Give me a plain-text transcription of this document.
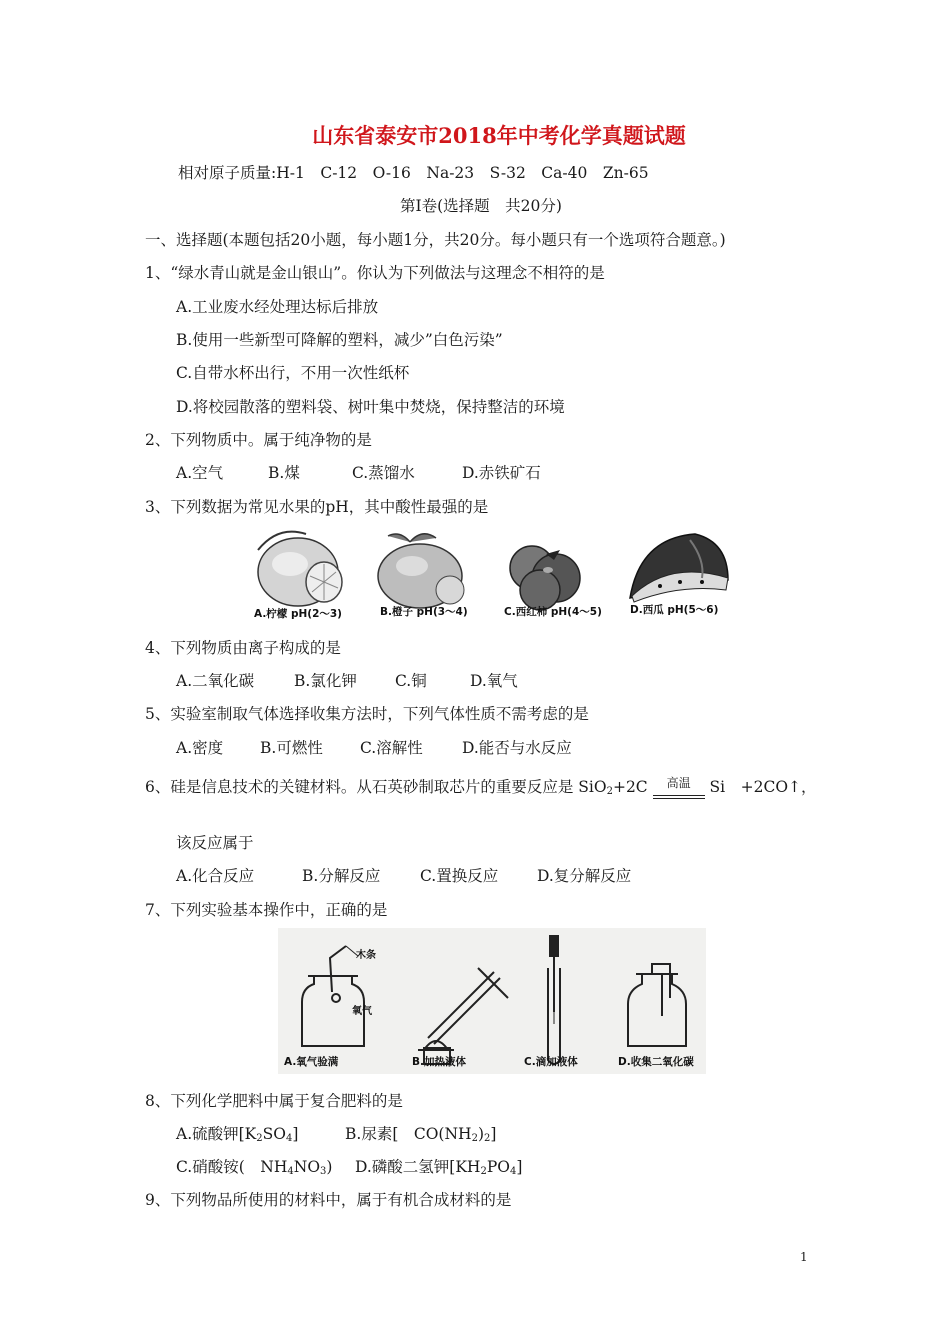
山东省泰安市2018年中考化学真题试题
相对原子质量:H-1　C-12　O-16　Na-23　S-32　Ca-40　Zn-65
第I卷(选择题　共20分)
一、选择题(本题包括20小题，每小题1分，共20分。每小题只有一个选项符合题意。)
1、“绿水青山就是金山银山”。你认为下列做法与这理念不相符的是
A.工业废水经处理达标后排放
B.使用一些新型可降解的塑料，减少”白色污染”
C.自带水杯出行，不用一次性纸杯
D.将校园散落的塑料袋、树叶集中焚烧，保持整洁的环境
2、下列物质中。属于纯净物的是
A.空气	B.煤	C.蒸馏水	D.赤铁矿石
3、下列数据为常见水果的pH，其中酸性最强的是
A.柠檬 pH(2～3)	B.橙子 pH(3～4)	C.西红柿 pH(4～5)	D.西瓜 pH(5～6)
4、下列物质由离子构成的是
A.二氧化碳	B.氯化钾 C.铜	D.氧气
5、实验室制取气体选择收集方法时，下列气体性质不需考虑的是
A.密度 B.可燃性 C.溶解性	D.能否与水反应
6、硅是信息技术的关键材料。从石英砂制取芯片的重要反应是 SiO$_2$+2C 高温 Si　+2CO↑，
该反应属于
A.化合反应	B.分解反应	C.置换反应	D.复分解反应
7、下列实验基本操作中，正确的是
木条
氧气
A.氧气验满	B.加热液体	C.滴加液体	D.收集二氧化碳
8、下列化学肥料中属于复合肥料的是
A.硫酸钾$[K_2SO_4]$	B.尿素[　$CO(NH_2)_2$]
C.硝酸铵(　$NH_4NO_3$) D.磷酸二氢钾$[KH_2PO_4]$
9、下列物品所使用的材料中，属于有机合成材料的是
1
